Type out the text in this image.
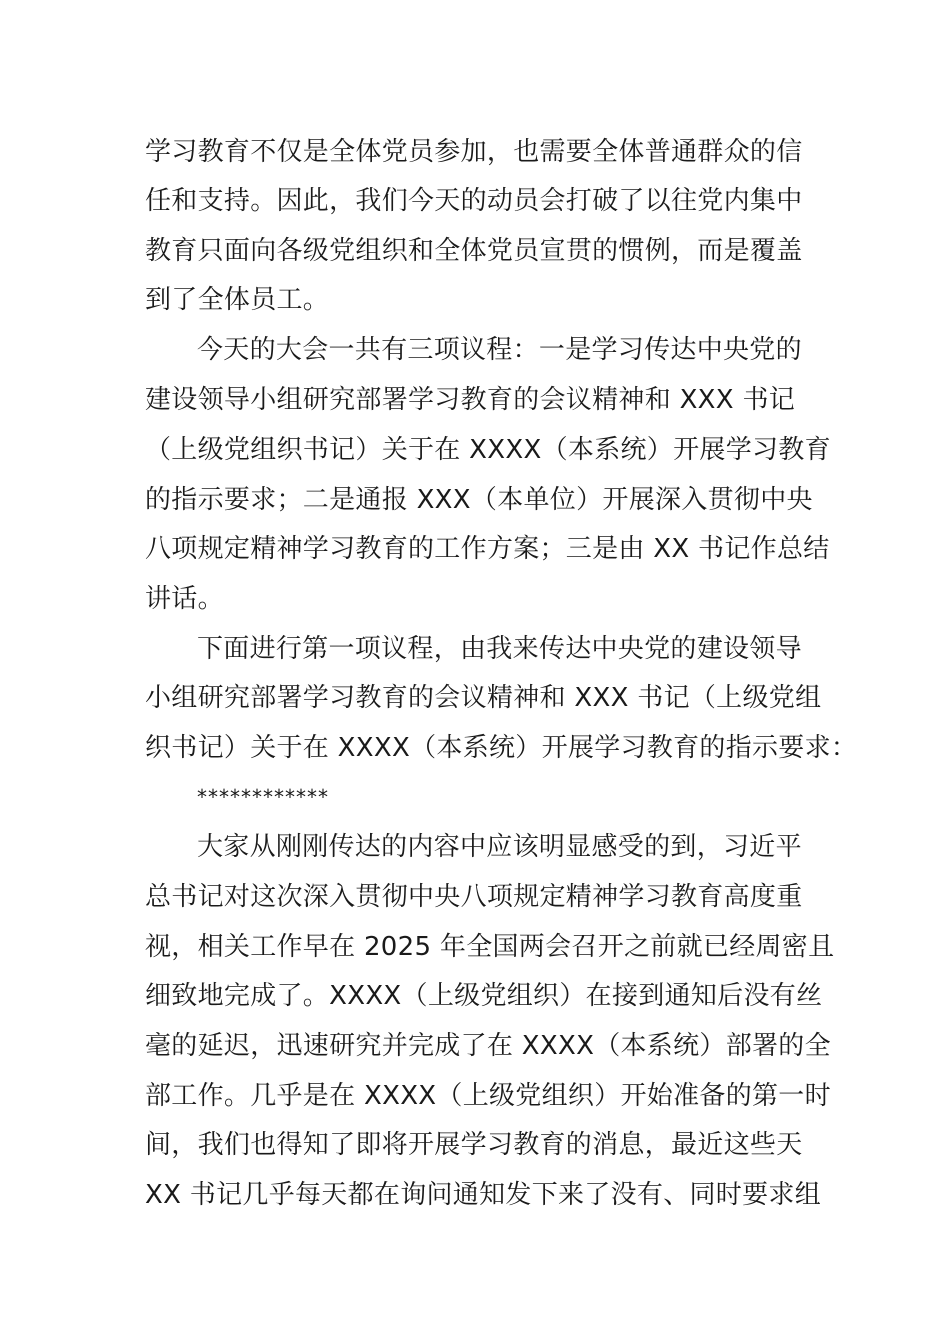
学习教育不仅是全体党员参加，也需要全体普通群众的信

任和支持。因此，我们今天的动员会打破了以往党内集中

教育只面向各级党组织和全体党员宣贯的惯例，而是覆盖

到了全体员工。

今天的大会一共有三项议程：一是学习传达中央党的

建设领导小组研究部署学习教育的会议精神和 XXX 书记

（上级党组织书记）关于在 XXXX（本系统）开展学习教育

的指示要求；二是通报 XXX（本单位）开展深入贯彻中央

八项规定精神学习教育的工作方案；三是由 XX 书记作总结

讲话。

下面进行第一项议程，由我来传达中央党的建设领导

小组研究部署学习教育的会议精神和 XXX 书记（上级党组

织书记）关于在 XXXX（本系统）开展学习教育的指示要求：

************

大家从刚刚传达的内容中应该明显感受的到，习近平

总书记对这次深入贯彻中央八项规定精神学习教育高度重

视，相关工作早在 2025 年全国两会召开之前就已经周密且

细致地完成了。XXXX（上级党组织）在接到通知后没有丝

毫的延迟，迅速研究并完成了在 XXXX（本系统）部署的全

部工作。几乎是在 XXXX（上级党组织）开始准备的第一时

间，我们也得知了即将开展学习教育的消息，最近这些天

XX 书记几乎每天都在询问通知发下来了没有、同时要求组
